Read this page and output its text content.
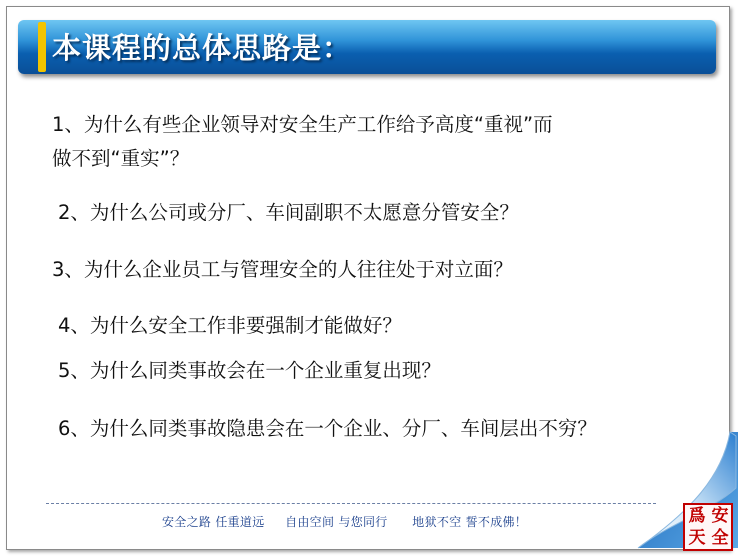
本课程的总体思路是：
1、为什么有些企业领导对安全生产工作给予高度“重视”而
做不到“重实”？
2、为什么公司或分厂、车间副职不太愿意分管安全？
3、为什么企业员工与管理安全的人往往处于对立面？
4、为什么安全工作非要强制才能做好？
5、为什么同类事故会在一个企业重复出现？
6、为什么同类事故隐患会在一个企业、分厂、车间层出不穷？
安全之路 任重道远     自由空间 与您同行      地狱不空 誓不成佛！	爲 安
天 全
